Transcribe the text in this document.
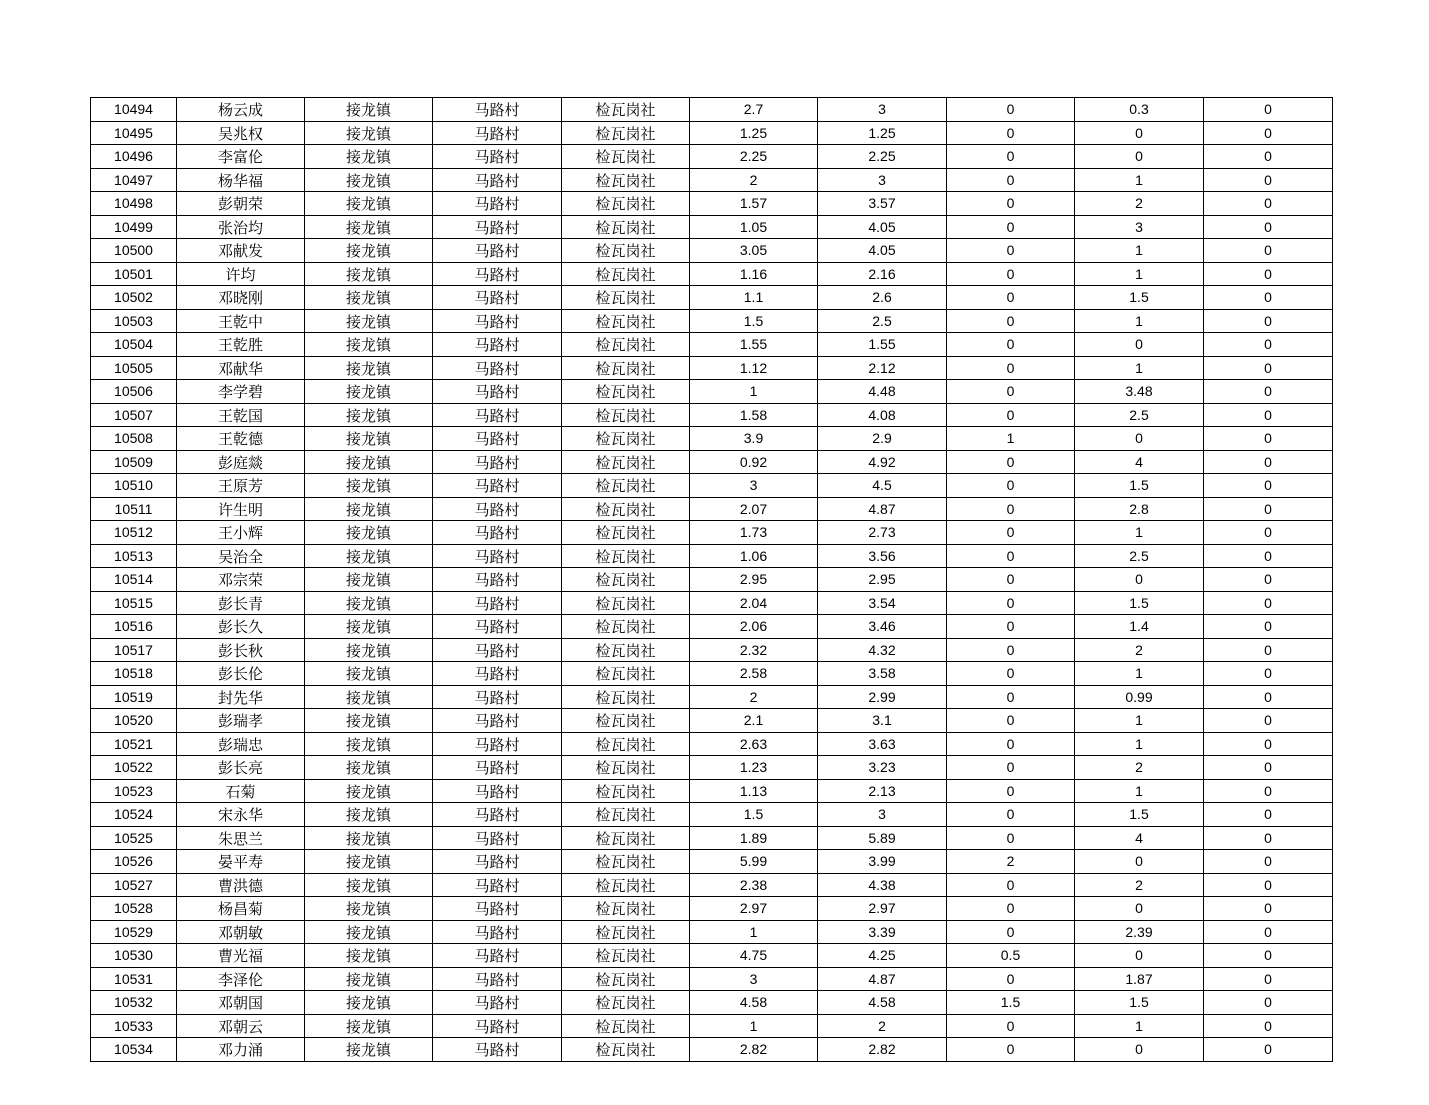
10494	杨云成	接龙镇	马路村	检瓦岗社	2.7	3	0	0.3	0
10495	吴兆权	接龙镇	马路村	检瓦岗社	1.25	1.25	0	0	0
10496	李富伦	接龙镇	马路村	检瓦岗社	2.25	2.25	0	0	0
10497	杨华福	接龙镇	马路村	检瓦岗社	2	3	0	1	0
10498	彭朝荣	接龙镇	马路村	检瓦岗社	1.57	3.57	0	2	0
10499	张治均	接龙镇	马路村	检瓦岗社	1.05	4.05	0	3	0
10500	邓献发	接龙镇	马路村	检瓦岗社	3.05	4.05	0	1	0
10501	许均	接龙镇	马路村	检瓦岗社	1.16	2.16	0	1	0
10502	邓晓刚	接龙镇	马路村	检瓦岗社	1.1	2.6	0	1.5	0
10503	王乾中	接龙镇	马路村	检瓦岗社	1.5	2.5	0	1	0
10504	王乾胜	接龙镇	马路村	检瓦岗社	1.55	1.55	0	0	0
10505	邓献华	接龙镇	马路村	检瓦岗社	1.12	2.12	0	1	0
10506	李学碧	接龙镇	马路村	检瓦岗社	1	4.48	0	3.48	0
10507	王乾国	接龙镇	马路村	检瓦岗社	1.58	4.08	0	2.5	0
10508	王乾德	接龙镇	马路村	检瓦岗社	3.9	2.9	1	0	0
10509	彭庭燚	接龙镇	马路村	检瓦岗社	0.92	4.92	0	4	0
10510	王原芳	接龙镇	马路村	检瓦岗社	3	4.5	0	1.5	0
10511	许生明	接龙镇	马路村	检瓦岗社	2.07	4.87	0	2.8	0
10512	王小辉	接龙镇	马路村	检瓦岗社	1.73	2.73	0	1	0
10513	吴治全	接龙镇	马路村	检瓦岗社	1.06	3.56	0	2.5	0
10514	邓宗荣	接龙镇	马路村	检瓦岗社	2.95	2.95	0	0	0
10515	彭长青	接龙镇	马路村	检瓦岗社	2.04	3.54	0	1.5	0
10516	彭长久	接龙镇	马路村	检瓦岗社	2.06	3.46	0	1.4	0
10517	彭长秋	接龙镇	马路村	检瓦岗社	2.32	4.32	0	2	0
10518	彭长伦	接龙镇	马路村	检瓦岗社	2.58	3.58	0	1	0
10519	封先华	接龙镇	马路村	检瓦岗社	2	2.99	0	0.99	0
10520	彭瑞孝	接龙镇	马路村	检瓦岗社	2.1	3.1	0	1	0
10521	彭瑞忠	接龙镇	马路村	检瓦岗社	2.63	3.63	0	1	0
10522	彭长亮	接龙镇	马路村	检瓦岗社	1.23	3.23	0	2	0
10523	石菊	接龙镇	马路村	检瓦岗社	1.13	2.13	0	1	0
10524	宋永华	接龙镇	马路村	检瓦岗社	1.5	3	0	1.5	0
10525	朱思兰	接龙镇	马路村	检瓦岗社	1.89	5.89	0	4	0
10526	晏平寿	接龙镇	马路村	检瓦岗社	5.99	3.99	2	0	0
10527	曹洪德	接龙镇	马路村	检瓦岗社	2.38	4.38	0	2	0
10528	杨昌菊	接龙镇	马路村	检瓦岗社	2.97	2.97	0	0	0
10529	邓朝敏	接龙镇	马路村	检瓦岗社	1	3.39	0	2.39	0
10530	曹光福	接龙镇	马路村	检瓦岗社	4.75	4.25	0.5	0	0
10531	李泽伦	接龙镇	马路村	检瓦岗社	3	4.87	0	1.87	0
10532	邓朝国	接龙镇	马路村	检瓦岗社	4.58	4.58	1.5	1.5	0
10533	邓朝云	接龙镇	马路村	检瓦岗社	1	2	0	1	0
10534	邓力涌	接龙镇	马路村	检瓦岗社	2.82	2.82	0	0	0
